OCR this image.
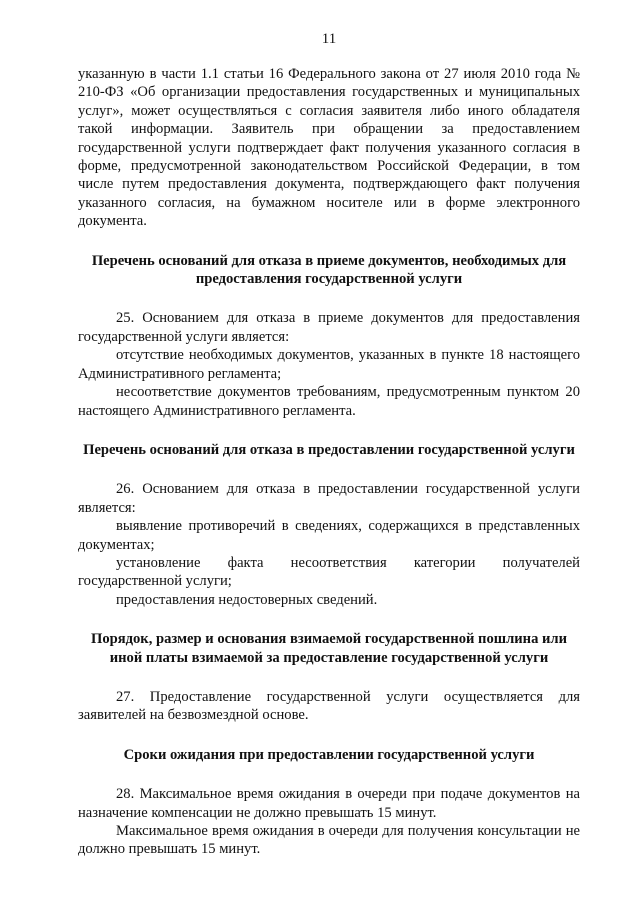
11

указанную в части 1.1 статьи 16 Федерального закона от 27 июля 2010 года № 210-ФЗ «Об организации предоставления государственных и муниципальных услуг», может осуществляться с согласия заявителя либо иного обладателя такой информации. Заявитель при обращении за предоставлением государственной услуги подтверждает факт получения указанного согласия в форме, предусмотренной законодательством Российской Федерации, в том числе путем предоставления документа, подтверждающего факт получения указанного согласия, на бумажном носителе или в форме электронного документа.

Перечень оснований для отказа в приеме документов, необходимых для предоставления государственной услуги

25. Основанием для отказа в приеме документов для предоставления государственной услуги является:

отсутствие необходимых документов, указанных в пункте 18 настоящего Административного регламента;

несоответствие документов требованиям, предусмотренным пунктом 20 настоящего Административного регламента.

Перечень оснований для отказа в предоставлении государственной услуги

26. Основанием для отказа в предоставлении государственной услуги является:

выявление противоречий в сведениях, содержащихся в представленных документах;

установление факта несоответствия категории получателей государственной услуги;

предоставления недостоверных сведений.

Порядок, размер и основания взимаемой государственной пошлина или иной платы взимаемой за предоставление государственной услуги

27. Предоставление государственной услуги осуществляется для заявителей на безвозмездной основе.

Сроки ожидания при предоставлении государственной услуги

28. Максимальное время ожидания в очереди при подаче документов на назначение компенсации не должно превышать 15 минут.

Максимальное время ожидания в очереди для получения консультации не должно превышать 15 минут.
